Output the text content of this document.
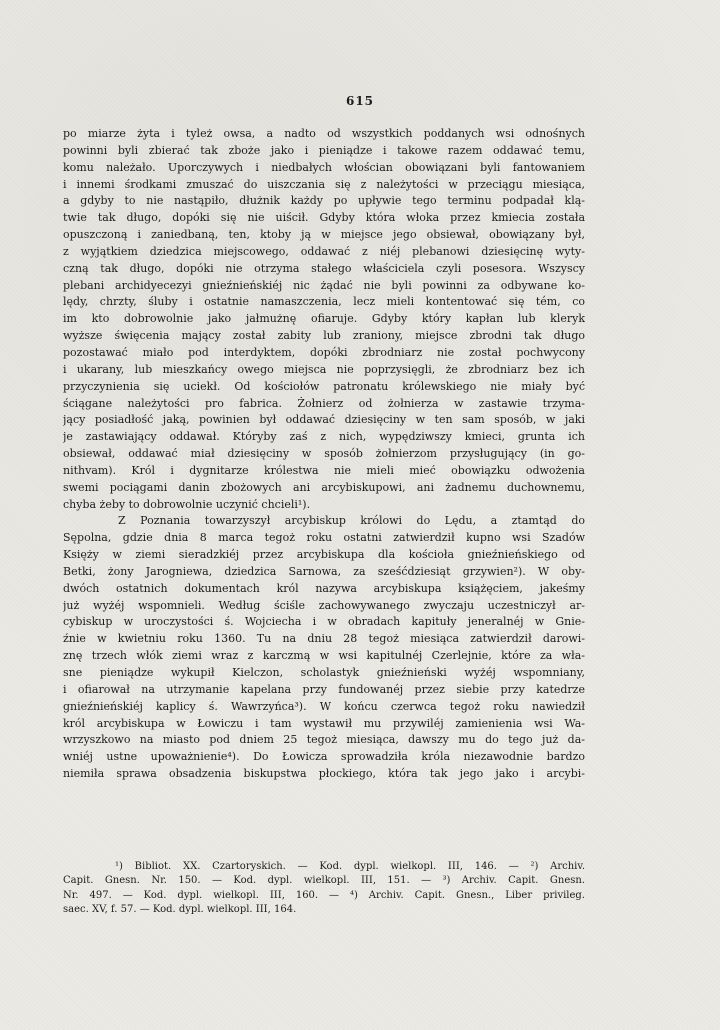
615
po miarze żyta i tyleż owsa, a nadto od wszystkich poddanych wsi odnośnych
powinni byli zbierać tak zboże jako i pieniądze i takowe razem oddawać temu,
komu należało. Uporczywych i niedbałych włościan obowiązani byli fantowaniem
i innemi środkami zmuszać do uiszczania się z należytości w przeciągu miesiąca,
a gdyby to nie nastąpiło, dłużnik każdy po upływie tego terminu podpadał klą-
twie tak długo, dopóki się nie uiścił. Gdyby która włoka przez kmiecia została
opuszczoną i zaniedbaną, ten, ktoby ją w miejsce jego obsiewał, obowiązany był,
z wyjątkiem dziedzica miejscowego, oddawać z niéj plebanowi dziesięcinę wyty-
czną tak długo, dopóki nie otrzyma stałego właściciela czyli posesora. Wszyscy
plebani archidyecezyi gnieźnieńskiéj nic żądać nie byli powinni za odbywane ko-
lędy, chrzty, śluby i ostatnie namaszczenia, lecz mieli kontentować się tém, co
im kto dobrowolnie jako jałmużnę ofiaruje. Gdyby który kapłan lub kleryk
wyższe święcenia mający został zabity lub zraniony, miejsce zbrodni tak długo
pozostawać miało pod interdyktem, dopóki zbrodniarz nie został pochwycony
i ukarany, lub mieszkańcy owego miejsca nie poprzysięgli, że zbrodniarz bez ich
przyczynienia się uciekł. Od kościołów patronatu królewskiego nie miały być
ściągane należytości pro fabrica. Żołnierz od żołnierza w zastawie trzyma-
jący posiadłość jaką, powinien był oddawać dziesięciny w ten sam sposób, w jaki
je zastawiający oddawał. Któryby zaś z nich, wypędziwszy kmieci, grunta ich
obsiewał, oddawać miał dziesięciny w sposób żołnierzom przysługujący (in go-
nithvam). Król i dygnitarze królestwa nie mieli mieć obowiązku odwożenia
swemi pociągami danin zbożowych ani arcybiskupowi, ani żadnemu duchownemu,
chyba żeby to dobrowolnie uczynić chcieli¹).
Z Poznania towarzyszył arcybiskup królowi do Lędu, a ztamtąd do
Sępolna, gdzie dnia 8 marca tegoż roku ostatni zatwierdził kupno wsi Szadów
Księży w ziemi sieradzkiéj przez arcybiskupa dla kościoła gnieźnieńskiego od
Betki, żony Jarogniewa, dziedzica Sarnowa, za sześćdziesiąt grzywien²). W oby-
dwóch ostatnich dokumentach król nazywa arcybiskupa książęciem, jakeśmy
już wyżéj wspomnieli. Według ściśle zachowywanego zwyczaju uczestniczył ar-
cybiskup w uroczystości ś. Wojciecha i w obradach kapituły jeneralnéj w Gnie-
źnie w kwietniu roku 1360. Tu na dniu 28 tegoż miesiąca zatwierdził darowi-
znę trzech włók ziemi wraz z karczmą w wsi kapitulnéj Czerlejnie, które za wła-
sne pieniądze wykupił Kielczon, scholastyk gnieźnieński wyżéj wspomniany,
i ofiarował na utrzymanie kapelana przy fundowanéj przez siebie przy katedrze
gnieźnieńskiéj kaplicy ś. Wawrzyńca³). W końcu czerwca tegoż roku nawiedził
król arcybiskupa w Łowiczu i tam wystawił mu przywiléj zamienienia wsi Wa-
wrzyszkowo na miasto pod dniem 25 tegoż miesiąca, dawszy mu do tego już da-
wniéj ustne upoważnienie⁴). Do Łowicza sprowadziła króla niezawodnie bardzo
niemiła sprawa obsadzenia biskupstwa płockiego, która tak jego jako i arcybi-
¹) Bibliot. XX. Czartoryskich. — Kod. dypl. wielkopl. III, 146. — ²) Archiv.
Capit. Gnesn. Nr. 150. — Kod. dypl. wielkopl. III, 151. — ³) Archiv. Capit. Gnesn.
Nr. 497. — Kod. dypl. wielkopl. III, 160. — ⁴) Archiv. Capit. Gnesn., Liber privileg.
saec. XV, f. 57. — Kod. dypl. wielkopl. III, 164.
